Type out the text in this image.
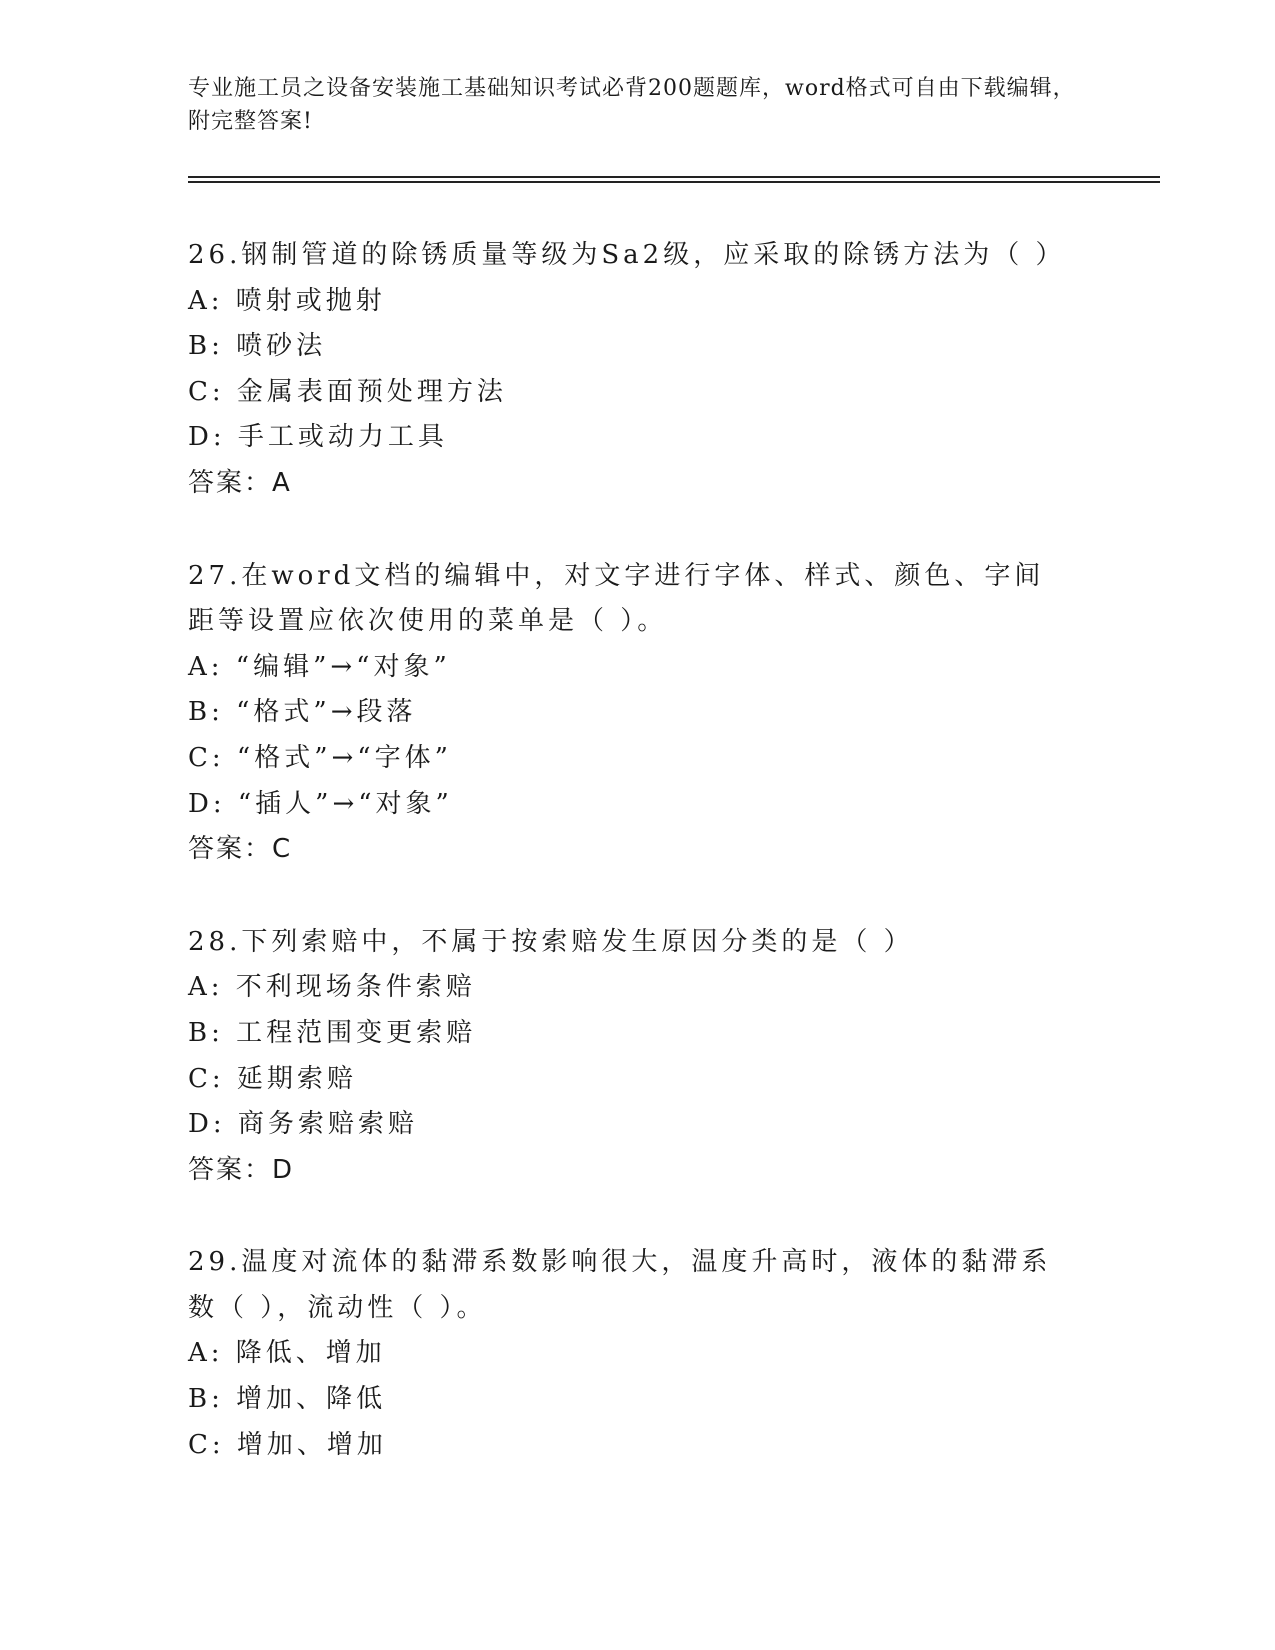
专业施工员之设备安装施工基础知识考试必背200题题库，word格式可自由下载编辑，附完整答案!
26.钢制管道的除锈质量等级为Sa2级，应采取的除锈方法为（ ）
A: 喷射或抛射
B: 喷砂法
C: 金属表面预处理方法
D: 手工或动力工具
答案：A
27.在word文档的编辑中，对文字进行字体、样式、颜色、字间距等设置应依次使用的菜单是（ ）。
A: “编辑”→“对象”
B: “格式”→段落
C: “格式”→“字体”
D: “插人”→“对象”
答案：C
28.下列索赔中，不属于按索赔发生原因分类的是（ ）
A: 不利现场条件索赔
B: 工程范围变更索赔
C: 延期索赔
D: 商务索赔索赔
答案：D
29.温度对流体的黏滞系数影响很大，温度升高时，液体的黏滞系数（ ），流动性（ ）。
A: 降低、增加
B: 增加、降低
C: 增加、增加
